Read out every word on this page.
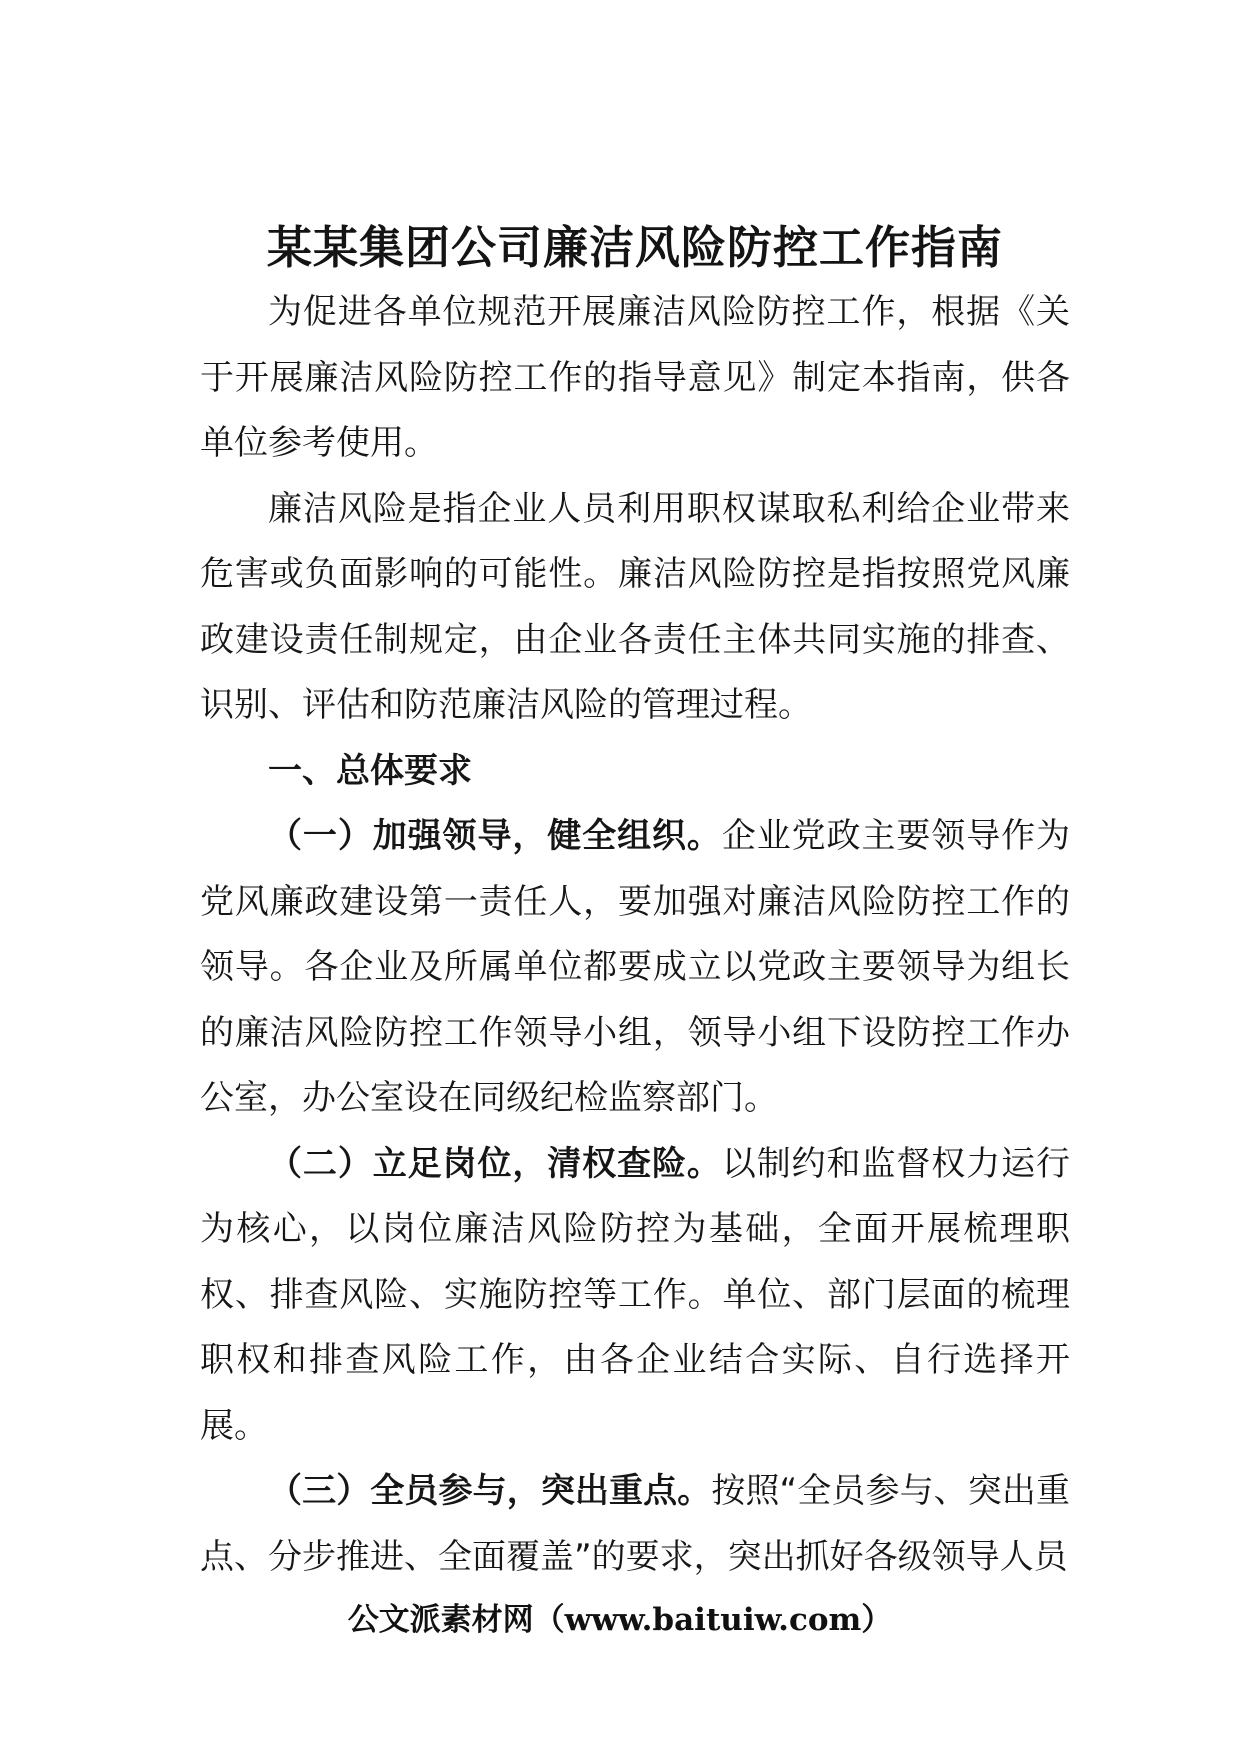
某某集团公司廉洁风险防控工作指南

为促进各单位规范开展廉洁风险防控工作，根据《关于开展廉洁风险防控工作的指导意见》制定本指南，供各单位参考使用。

廉洁风险是指企业人员利用职权谋取私利给企业带来危害或负面影响的可能性。廉洁风险防控是指按照党风廉政建设责任制规定，由企业各责任主体共同实施的排查、识别、评估和防范廉洁风险的管理过程。

一、总体要求

（一）加强领导，健全组织。企业党政主要领导作为党风廉政建设第一责任人，要加强对廉洁风险防控工作的领导。各企业及所属单位都要成立以党政主要领导为组长的廉洁风险防控工作领导小组，领导小组下设防控工作办公室，办公室设在同级纪检监察部门。

（二）立足岗位，清权查险。以制约和监督权力运行为核心，以岗位廉洁风险防控为基础，全面开展梳理职权、排查风险、实施防控等工作。单位、部门层面的梳理职权和排查风险工作，由各企业结合实际、自行选择开展。

（三）全员参与，突出重点。按照“全员参与、突出重点、分步推进、全面覆盖”的要求，突出抓好各级领导人员

公文派素材网（www.baituiw.com）
